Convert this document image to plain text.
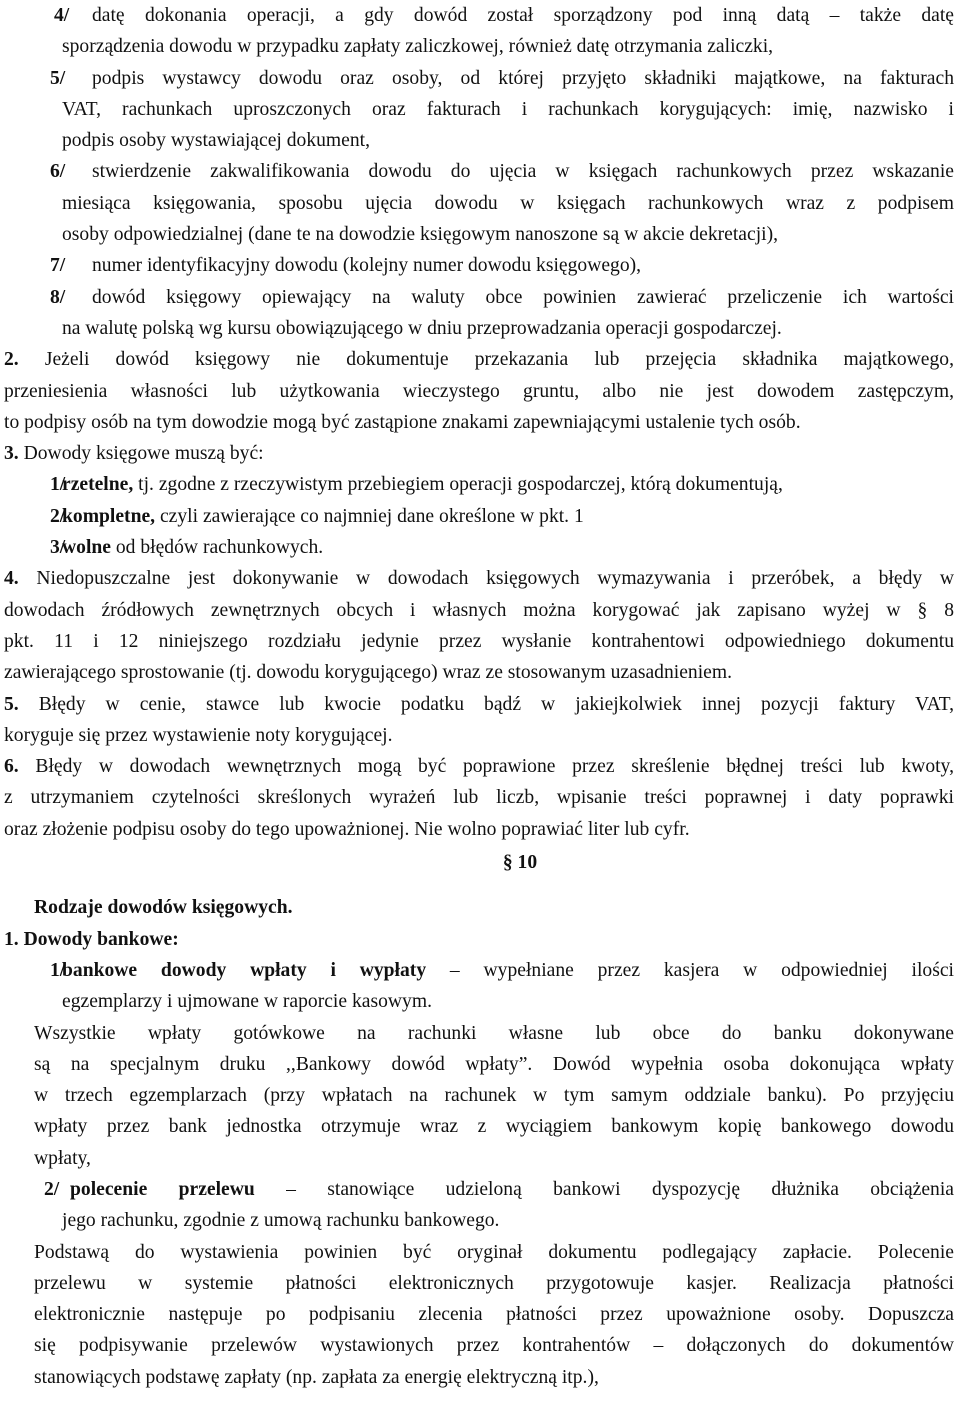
4/	datę dokonania operacji, a gdy dowód został sporządzony pod inną datą – także datę

sporządzenia dowodu w przypadku zapłaty zaliczkowej, również datę otrzymania zaliczki,

5/	podpis wystawcy dowodu oraz osoby, od której przyjęto składniki majątkowe, na fakturach

VAT, rachunkach uproszczonych oraz fakturach i rachunkach korygujących: imię, nazwisko i

podpis osoby wystawiającej dokument,

6/	stwierdzenie zakwalifikowania dowodu do ujęcia w księgach rachunkowych przez wskazanie

miesiąca księgowania, sposobu ujęcia dowodu w księgach rachunkowych wraz z podpisem

osoby odpowiedzialnej (dane te na dowodzie księgowym nanoszone są w akcie dekretacji),

7/	numer identyfikacyjny dowodu (kolejny numer dowodu księgowego),

8/	dowód księgowy opiewający na waluty obce powinien zawierać przeliczenie ich wartości

na walutę polską wg kursu obowiązującego w dniu przeprowadzania operacji gospodarczej.

2. Jeżeli dowód księgowy nie dokumentuje przekazania lub przejęcia składnika majątkowego,

przeniesienia własności lub użytkowania wieczystego gruntu, albo nie jest dowodem zastępczym,

to podpisy osób na tym dowodzie mogą być zastąpione znakami zapewniającymi ustalenie tych osób.

3. Dowody księgowe muszą być:

1/

rzetelne, tj. zgodne z rzeczywistym przebiegiem operacji gospodarczej, którą dokumentują,

2/

kompletne, czyli zawierające co najmniej dane określone w pkt. 1

3/

wolne od błędów rachunkowych.

4. Niedopuszczalne jest dokonywanie w dowodach księgowych wymazywania i przeróbek, a błędy w

dowodach źródłowych zewnętrznych obcych i własnych można korygować jak zapisano wyżej w § 8

pkt. 11 i 12 niniejszego rozdziału jedynie przez wysłanie kontrahentowi odpowiedniego dokumentu

zawierającego sprostowanie (tj. dowodu korygującego) wraz ze stosowanym uzasadnieniem.

5. Błędy w cenie, stawce lub kwocie podatku bądź w jakiejkolwiek innej pozycji faktury VAT,

koryguje się przez wystawienie noty korygującej.

6. Błędy w dowodach wewnętrznych mogą być poprawione przez skreślenie błędnej treści lub kwoty,

z utrzymaniem czytelności skreślonych wyrażeń lub liczb, wpisanie treści poprawnej i daty poprawki

oraz złożenie podpisu osoby do tego upoważnionej. Nie wolno poprawiać liter lub cyfr.

§ 10
Rodzaje dowodów księgowych.

1. Dowody bankowe:

1/

bankowe dowody wpłaty i wypłaty – wypełniane przez kasjera w odpowiedniej ilości

egzemplarzy i ujmowane w raporcie kasowym.

Wszystkie wpłaty gotówkowe na rachunki własne lub obce do banku dokonywane

są na specjalnym druku ,,Bankowy dowód wpłaty”. Dowód wypełnia osoba dokonująca wpłaty

w trzech egzemplarzach (przy wpłatach na rachunek w tym samym oddziale banku). Po przyjęciu

wpłaty przez bank jednostka otrzymuje wraz z wyciągiem bankowym kopię bankowego dowodu

wpłaty,

2/ polecenie przelewu – stanowiące udzieloną bankowi dyspozycję dłużnika obciążenia

jego rachunku, zgodnie z umową rachunku bankowego.

Podstawą do wystawienia powinien być oryginał dokumentu podlegający zapłacie. Polecenie

przelewu w systemie płatności elektronicznych przygotowuje kasjer. Realizacja płatności

elektronicznie następuje po podpisaniu zlecenia płatności przez upoważnione osoby. Dopuszcza

się podpisywanie przelewów wystawionych przez kontrahentów – dołączonych do dokumentów

stanowiących podstawę zapłaty (np. zapłata za energię elektryczną itp.),
